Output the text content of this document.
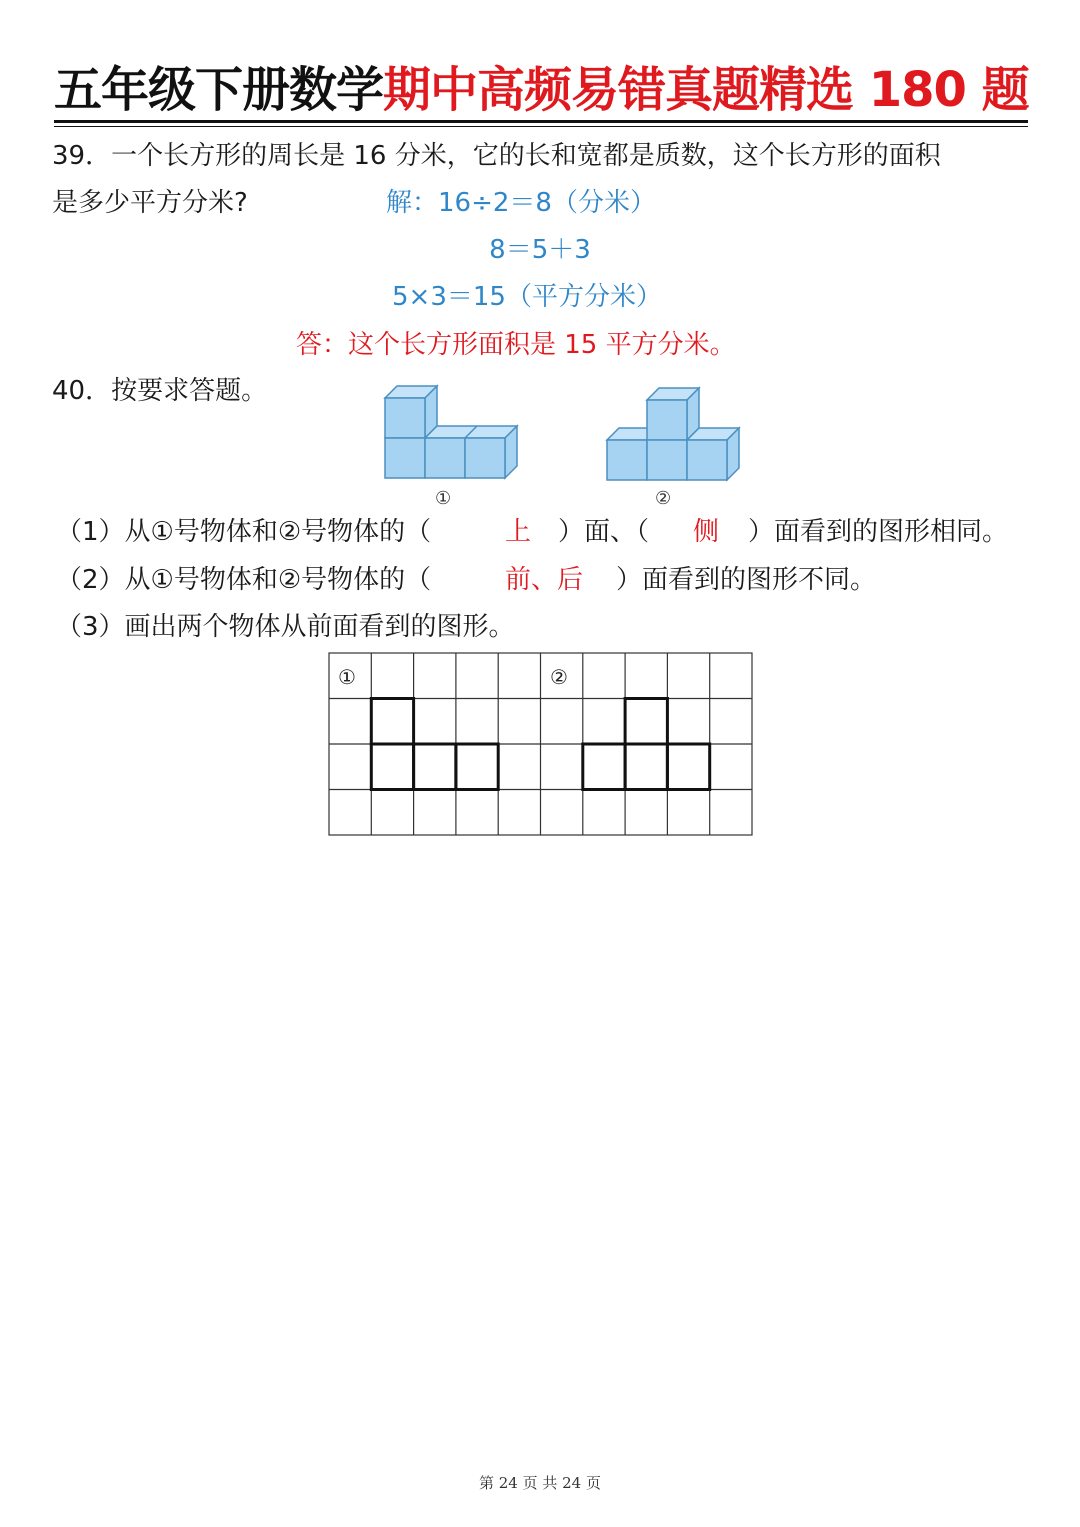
五年级下册数学期中高频易错真题精选 180 题
39．一个长方形的周长是 16 分米，它的长和宽都是质数，这个长方形的面积
是多少平方分米?	解：16÷2＝8（分米）
8＝5＋3
5×3＝15（平方分米）
答：这个长方形面积是 15 平方分米。
40．按要求答题。
①	②
（1）从①号物体和②号物体的（	上 ）面、（ 侧 ）面看到的图形相同。
（2）从①号物体和②号物体的（	前、后 ）面看到的图形不同。
（3）画出两个物体从前面看到的图形。
①	②
第 24 页 共 24 页
